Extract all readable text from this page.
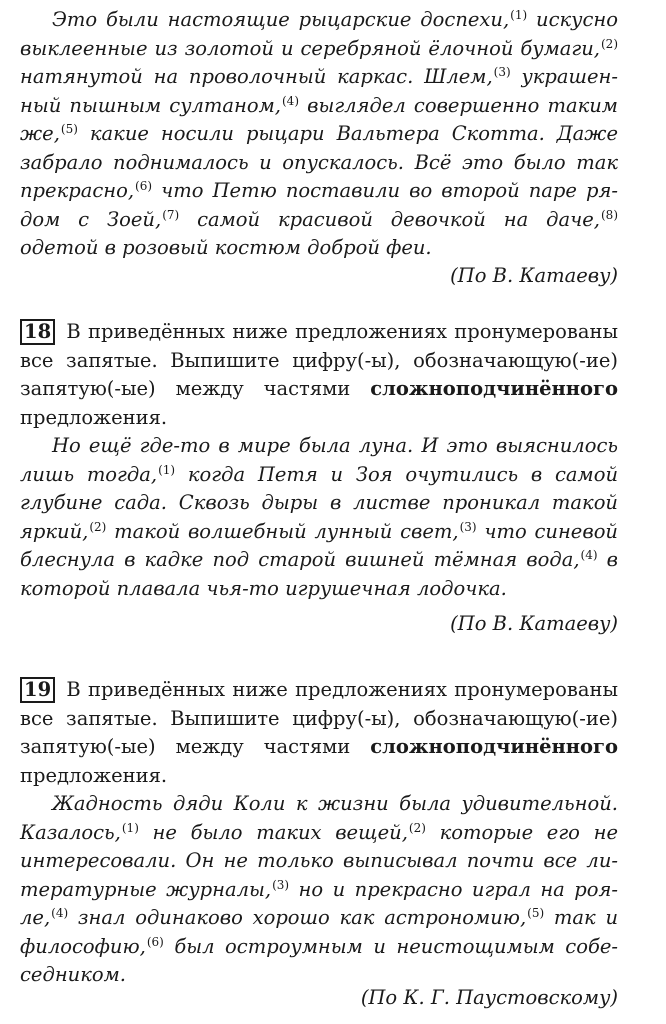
Это были настоящие рыцарские доспехи,$^{(1)}$ искусно выклеенные из золотой и серебряной ёлочной бумаги,$^{(2)}$ натянутой на проволочный каркас. Шлем,$^{(3)}$ украшенный пышным султаном,$^{(4)}$ выглядел совершенно таким же,$^{(5)}$ какие носили рыцари Вальтера Скотта. Даже забрало поднималось и опускалось. Всё это было так прекрасно,$^{(6)}$ что Петю поставили во второй паре рядом с Зоей,$^{(7)}$ самой красивой девочкой на даче,$^{(8)}$ одетой в розовый костюм доброй феи.
(По В. Катаеву)
18 В приведённых ниже предложениях пронумерованы все запятые. Выпишите цифру(-ы), обозначающую(-ие) запятую(-ые) между частями сложноподчинённого предложения.
Но ещё где-то в мире была луна. И это выяснилось лишь тогда,$^{(1)}$ когда Петя и Зоя очутились в самой глубине сада. Сквозь дыры в листве проникал такой яркий,$^{(2)}$ такой волшебный лунный свет,$^{(3)}$ что синевой блеснула в кадке под старой вишней тёмная вода,$^{(4)}$ в которой плавала чья-то игрушечная лодочка.
(По В. Катаеву)
19 В приведённых ниже предложениях пронумерованы все запятые. Выпишите цифру(-ы), обозначающую(-ие) запятую(-ые) между частями сложноподчинённого предложения.
Жадность дяди Коли к жизни была удивительной. Казалось,$^{(1)}$ не было таких вещей,$^{(2)}$ которые его не интересовали. Он не только выписывал почти все литературные журналы,$^{(3)}$ но и прекрасно играл на рояле,$^{(4)}$ знал одинаково хорошо как астрономию,$^{(5)}$ так и философию,$^{(6)}$ был остроумным и неистощимым собеседником.
(По К. Г. Паустовскому)
